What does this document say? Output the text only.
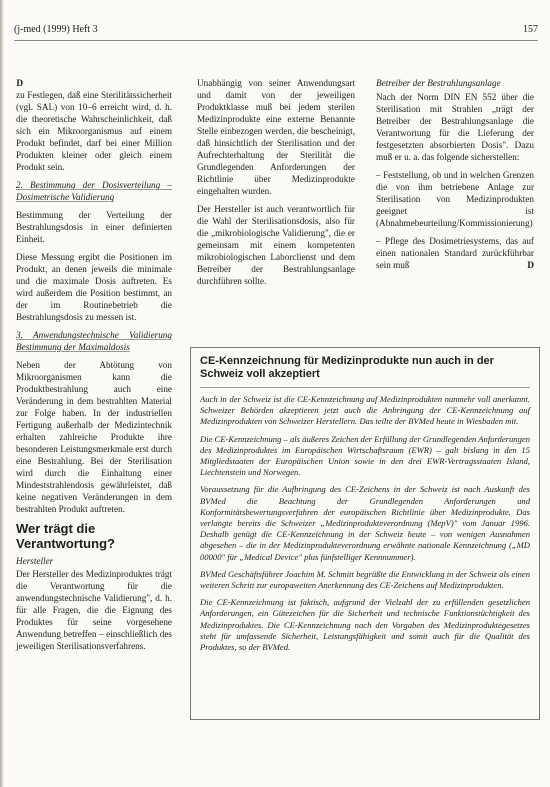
(j-med (1999) Heft 3	157

D
zu Festlegen, daß eine Sterilitätssicherheit (vgl. SAL) von 10–6 erreicht wird, d. h. die theoretische Wahrscheinlichkeit, daß sich ein Mikroorganismus auf einem Produkt befindet, darf bei einer Million Produkten kleiner oder gleich einem Produkt sein.

2. Bestimmung der Dosisverteilung – Dosimetrische Validierung

Bestimmung der Verteilung der Bestrahlungsdosis in einer definierten Einheit.

Diese Messung ergibt die Positionen im Produkt, an denen jeweils die minimale und die maximale Dosis auftreten. Es wird außerdem die Position bestimmt, an der im Routinebetrieb die Bestrahlungsdosis zu messen ist.

3. Anwendungstechnische Validierung Bestimmung der Maximaldosis

Neben der Abtötung von Mikroorganismen kann die Produktbestrahlung auch eine Veränderung in dem bestrahlten Material zur Folge haben. In der industriellen Fertigung außerhalb der Medizintechnik erhalten zahlreiche Produkte ihre besonderen Leistungsmerkmale erst durch eine Bestrahlung. Bei der Sterilisation wird durch die Einhaltung einer Mindeststrahlendosis gewährleistet, daß keine negativen Veränderungen in dem bestrahlten Produkt auftreten.

Wer trägt die Verantwortung?

Hersteller

Der Hersteller des Medizinproduktes trägt die Verantwortung für die anwendungstechnische Validierung", d. h. für alle Fragen, die die Eignung des Produktes für seine vorgesehene Anwendung betreffen – einschließlich des jeweiligen Sterilisationsverfahrens.

Unabhängig von seiner Anwendungsart und damit von der jeweiligen Produktklasse muß bei jedem sterilen Medizinprodukte eine externe Benannte Stelle einbezogen werden, die bescheinigt, daß hinsichtlich der Sterilisation und der Aufrechterhaltung der Sterilität die Grundlegenden Anforderungen der Richtlinie über Medizinprodukte eingehalten wurden.

Der Hersteller ist auch verantwortlich für die Wahl der Sterilisationsdosis, also für die „mikrobiologische Validierung", die er gemeinsam mit einem kompetenten mikrobiologischen Laborclienst und dem Betreiber der Bestrahlungsanlage durchführen sollte.

Betreiber der Bestrahlungsanlage

Nach der Norm DIN EN 552 über die Sterilisation mit Strahlen „trägt der Betreiber der Bestrahlungsanlage die Verantwortung für die Lieferung der festgesetzten absorbierten Dosis". Dazu muß er u. a. das folgende sicherstellen:

– Feststellung, ob und in welchen Grenzen die von ihm betriebene Anlage zur Sterilisation von Medizinprodukten geeignet ist (Abnahmebeurteilung/Kommissionierung)

– Pflege des Dosimetriesystems, das auf einen nationalen Standard zurückführbar sein muß	D

CE-Kennzeichnung für Medizinprodukte nun auch in der Schweiz voll akzeptiert

Auch in der Schweiz ist die CE-Kennzeichnung auf Medizinprodukten nunmehr voll anerkannt. Schweizer Behörden akzeptieren jetzt auch die Anbringung der CE-Kennzeichnung auf Medizinprodukten von Schweizer Herstellern. Das teilte der BVMed heute in Wiesbaden mit.

Die CE-Kennzeichnung – als äußeres Zeichen der Erfüllung der Grundlegenden Anforderungen des Medizinproduktes im Europäischen Wirtschaftsraum (EWR) – galt bislang in den 15 Mitgliedstaaten der Europäischen Union sowie in den drei EWR-Vertragsstaaten Island, Liechtenstein und Norwegen.

Voraussetzung für die Aufbringung des CE-Zeichens in der Schweiz ist nach Auskunft des BVMed die Beachtung der Grundlegenden Anforderungen und Konformitätsbewertungsverfahren der europäischen Richtlinie über Medizinprodukte. Das verlangte bereits die Schweizer „Medizinprodukteverordnung (MepV)" vom Januar 1996. Deshalb genügt die CE-Kennzeichnung in der Schweiz heute – von wenigen Ausnahmen abgesehen – die in der Medizinprodukteverordnung erwähnte nationale Kennzeichnung („MD 00000" für „Medical Device" plus fünfstelliger Kennnummer).

BVMed Geschäftsführer Joachim M. Schmitt begrüßte die Entwicklung in der Schweiz als einen weiteren Schritt zur europaweiten Anerkennung des CE-Zeichens auf Medizinprodukten.

Die CE-Kennzeichnung ist faktisch, aufgrund der Vielzahl der zu erfüllenden gesetzlichen Anforderungen, ein Gütezeichen für die Sicherheit und technische Funktionstüchtigkeit des Medizinproduktes. Die CE-Kennzeichnung nach den Vorgaben des Medizinproduktegesetzes steht für umfassende Sicherheit, Leistungsfähigkeit und somit auch für die Qualität des Produktes, so der BVMed.
